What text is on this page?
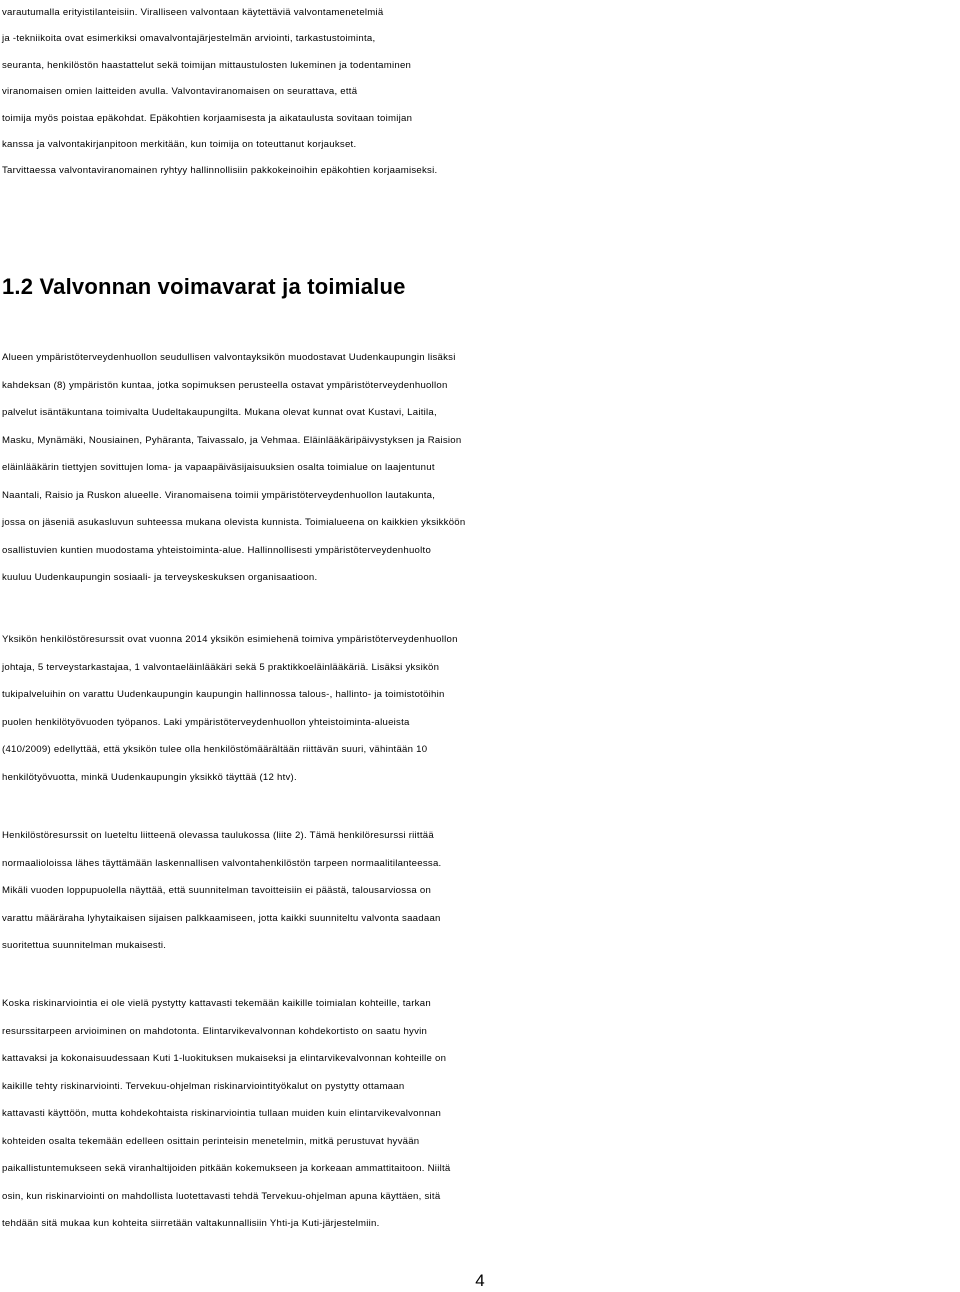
varautumalla erityistilanteisiin. Viralliseen valvontaan käytettäviä valvontamenetelmiä
ja -tekniikoita ovat esimerkiksi omavalvontajärjestelmän arviointi, tarkastustoiminta,
seuranta, henkilöstön haastattelut sekä toimijan mittaustulosten lukeminen ja todentaminen
viranomaisen omien laitteiden avulla. Valvontaviranomaisen on seurattava, että
toimija myös poistaa epäkohdat. Epäkohtien korjaamisesta ja aikataulusta sovitaan toimijan
kanssa ja valvontakirjanpitoon merkitään, kun toimija on toteuttanut korjaukset.
Tarvittaessa valvontaviranomainen ryhtyy hallinnollisiin pakkokeinoihin epäkohtien korjaamiseksi.

1.2 Valvonnan voimavarat ja toimialue

Alueen ympäristöterveydenhuollon seudullisen valvontayksikön muodostavat Uudenkaupungin lisäksi
kahdeksan (8) ympäristön kuntaa, jotka sopimuksen perusteella ostavat ympäristöterveydenhuollon
palvelut isäntäkuntana toimivalta Uudeltakaupungilta. Mukana olevat kunnat ovat Kustavi, Laitila,
Masku, Mynämäki, Nousiainen, Pyhäranta, Taivassalo, ja Vehmaa. Eläinlääkäripäivystyksen ja Raision
eläinlääkärin tiettyjen sovittujen loma- ja vapaapäiväsijaisuuksien osalta toimialue on laajentunut
Naantali, Raisio ja Ruskon alueelle. Viranomaisena toimii ympäristöterveydenhuollon lautakunta,
jossa on jäseniä asukasluvun suhteessa mukana olevista kunnista. Toimialueena on kaikkien yksikköön
osallistuvien kuntien muodostama yhteistoiminta-alue. Hallinnollisesti ympäristöterveydenhuolto
kuuluu Uudenkaupungin sosiaali- ja terveyskeskuksen organisaatioon.

Yksikön henkilöstöresurssit ovat vuonna 2014 yksikön esimiehenä toimiva ympäristöterveydenhuollon
johtaja, 5 terveystarkastajaa, 1 valvontaeläinlääkäri sekä 5 praktikkoeläinlääkäriä. Lisäksi yksikön
tukipalveluihin on varattu Uudenkaupungin kaupungin hallinnossa talous-, hallinto- ja toimistotöihin
puolen henkilötyövuoden työpanos. Laki ympäristöterveydenhuollon yhteistoiminta-alueista
(410/2009) edellyttää, että yksikön tulee olla henkilöstömäärältään riittävän suuri, vähintään 10
henkilötyövuotta, minkä Uudenkaupungin yksikkö täyttää (12 htv).

Henkilöstöresurssit on lueteltu liitteenä olevassa taulukossa (liite 2). Tämä henkilöresurssi riittää
normaalioloissa lähes täyttämään laskennallisen valvontahenkilöstön tarpeen normaalitilanteessa.
Mikäli vuoden loppupuolella näyttää, että suunnitelman tavoitteisiin ei päästä, talousarviossa on
varattu määräraha lyhytaikaisen sijaisen palkkaamiseen, jotta kaikki suunniteltu valvonta saadaan
suoritettua suunnitelman mukaisesti.

Koska riskinarviointia ei ole vielä pystytty kattavasti tekemään kaikille toimialan kohteille, tarkan
resurssitarpeen arvioiminen on mahdotonta. Elintarvikevalvonnan kohdekortisto on saatu hyvin
kattavaksi ja kokonaisuudessaan Kuti 1-luokituksen mukaiseksi ja elintarvikevalvonnan kohteille on
kaikille tehty riskinarviointi. Tervekuu-ohjelman riskinarviointityökalut on pystytty ottamaan
kattavasti käyttöön, mutta kohdekohtaista riskinarviointia tullaan muiden kuin elintarvikevalvonnan
kohteiden osalta tekemään edelleen osittain perinteisin menetelmin, mitkä perustuvat hyvään
paikallistuntemukseen sekä viranhaltijoiden pitkään kokemukseen ja korkeaan ammattitaitoon. Niiltä
osin, kun riskinarviointi on mahdollista luotettavasti tehdä Tervekuu-ohjelman apuna käyttäen, sitä
tehdään sitä mukaa kun kohteita siirretään valtakunnallisiin Yhti-ja Kuti-järjestelmiin.

4
